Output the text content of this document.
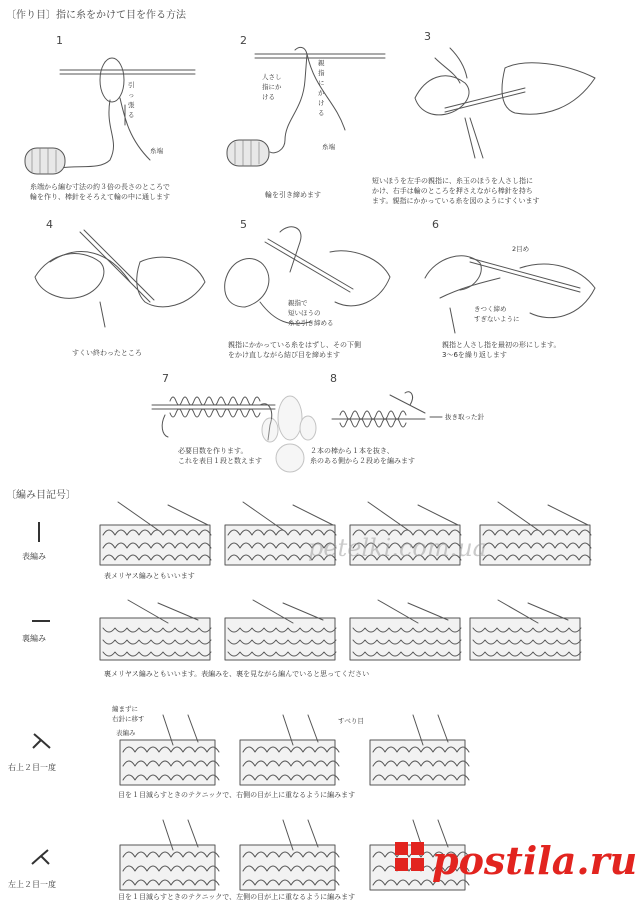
〔作り目〕指に糸をかけて目を作る方法
1	2	3
4	5	6
7	8
引っ張る
糸端
糸端から編む寸法の約３倍の長さのところで
輪を作り、棒針をそろえて輪の中に通します
親指にかける
人さし指にかける
糸端
輪を引き締めます
短いほうを左手の親指に、糸玉のほうを人さし指に
かけ、右手は輪のところを押さえながら棒針を持ち
ます。親指にかかっている糸を図のようにすくいます
すくい終わったところ
親指で
短いほうの
糸を引き締める
親指にかかっている糸をはずし、その下側
をかけ直しながら結び目を締めます
2目め
きつく締め
すぎないように
親指と人さし指を最初の形にします。
3〜6を繰り返します
必要目数を作ります。
これを表目１段と数えます
抜き取った針
２本の棒から１本を抜き、
糸のある側から２段めを編みます
〔編み目記号〕
表編み
表メリヤス編みともいいます
petelki.com.ua
裏編み
裏メリヤス編みともいいます。表編みを、裏を見ながら編んでいると思ってください
右上２目一度
編まずに
右針に移す
表編み
すべり目
目を１目減らすときのテクニックで、右側の目が上に重なるように編みます
左上２目一度
目を１目減らすときのテクニックで、左側の目が上に重なるように編みます
postila.ru
